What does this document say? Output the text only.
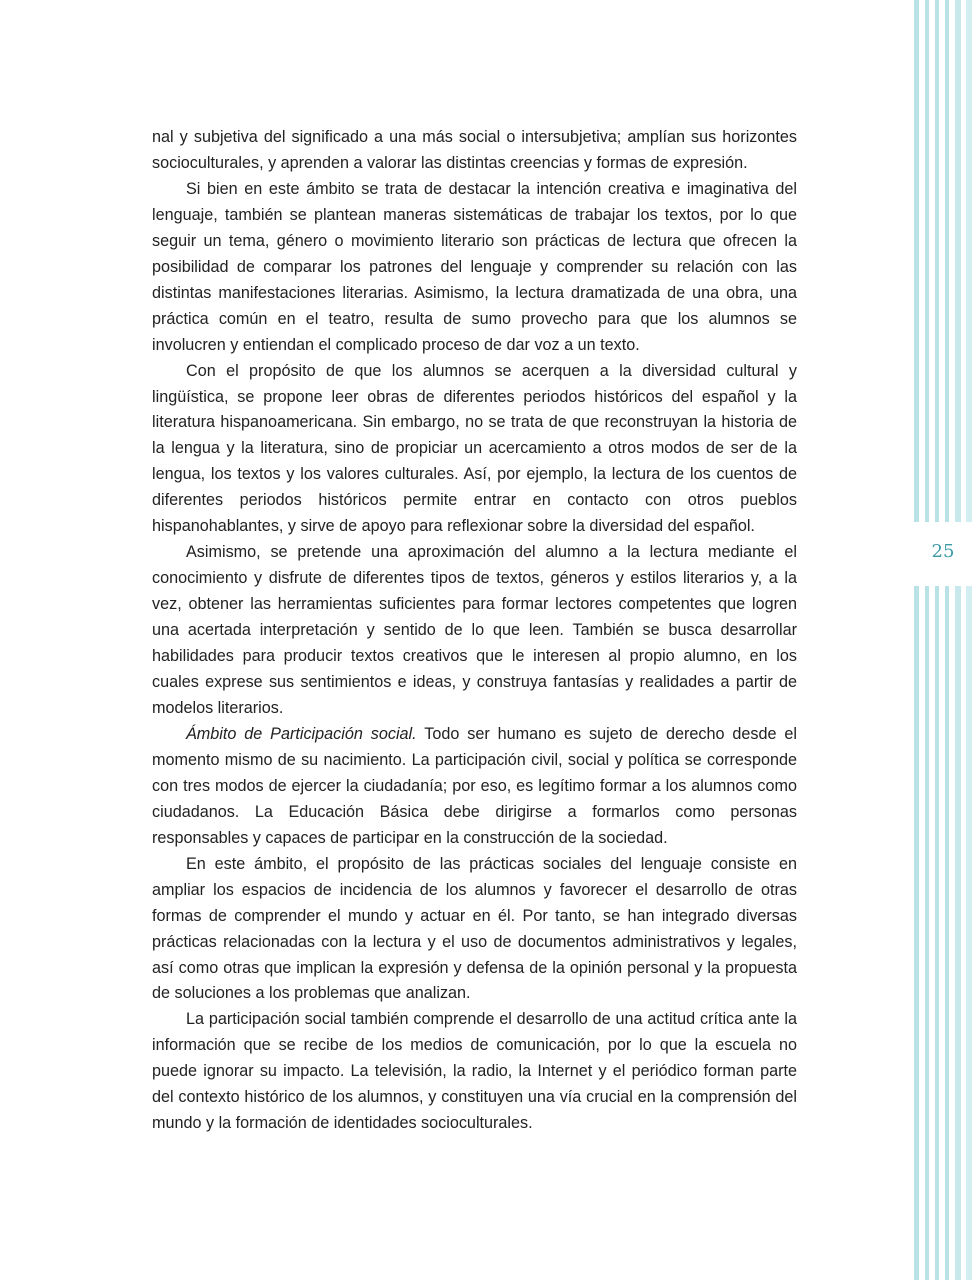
25

nal y subjetiva del significado a una más social o intersubjetiva; amplían sus horizontes socioculturales, y aprenden a valorar las distintas creencias y formas de expresión.

Si bien en este ámbito se trata de destacar la intención creativa e imaginativa del lenguaje, también se plantean maneras sistemáticas de trabajar los textos, por lo que seguir un tema, género o movimiento literario son prácticas de lectura que ofrecen la posibilidad de comparar los patrones del lenguaje y comprender su relación con las distintas manifestaciones literarias. Asimismo, la lectura dramatizada de una obra, una práctica común en el teatro, resulta de sumo provecho para que los alumnos se involucren y entiendan el complicado proceso de dar voz a un texto.

Con el propósito de que los alumnos se acerquen a la diversidad cultural y lingüística, se propone leer obras de diferentes periodos históricos del español y la literatura hispanoamericana. Sin embargo, no se trata de que reconstruyan la historia de la lengua y la literatura, sino de propiciar un acercamiento a otros modos de ser de la lengua, los textos y los valores culturales. Así, por ejemplo, la lectura de los cuentos de diferentes periodos históricos permite entrar en contacto con otros pueblos hispanohablantes, y sirve de apoyo para reflexionar sobre la diversidad del español.

Asimismo, se pretende una aproximación del alumno a la lectura mediante el conocimiento y disfrute de diferentes tipos de textos, géneros y estilos literarios y, a la vez, obtener las herramientas suficientes para formar lectores competentes que logren una acertada interpretación y sentido de lo que leen. También se busca desarrollar habilidades para producir textos creativos que le interesen al propio alumno, en los cuales exprese sus sentimientos e ideas, y construya fantasías y realidades a partir de modelos literarios.

Ámbito de Participación social. Todo ser humano es sujeto de derecho desde el momento mismo de su nacimiento. La participación civil, social y política se corresponde con tres modos de ejercer la ciudadanía; por eso, es legítimo formar a los alumnos como ciudadanos. La Educación Básica debe dirigirse a formarlos como personas responsables y capaces de participar en la construcción de la sociedad.

En este ámbito, el propósito de las prácticas sociales del lenguaje consiste en ampliar los espacios de incidencia de los alumnos y favorecer el desarrollo de otras formas de comprender el mundo y actuar en él. Por tanto, se han integrado diversas prácticas relacionadas con la lectura y el uso de documentos administrativos y legales, así como otras que implican la expresión y defensa de la opinión personal y la propuesta de soluciones a los problemas que analizan.

La participación social también comprende el desarrollo de una actitud crítica ante la información que se recibe de los medios de comunicación, por lo que la escuela no puede ignorar su impacto. La televisión, la radio, la Internet y el periódico forman parte del contexto histórico de los alumnos, y constituyen una vía crucial en la comprensión del mundo y la formación de identidades socioculturales.
